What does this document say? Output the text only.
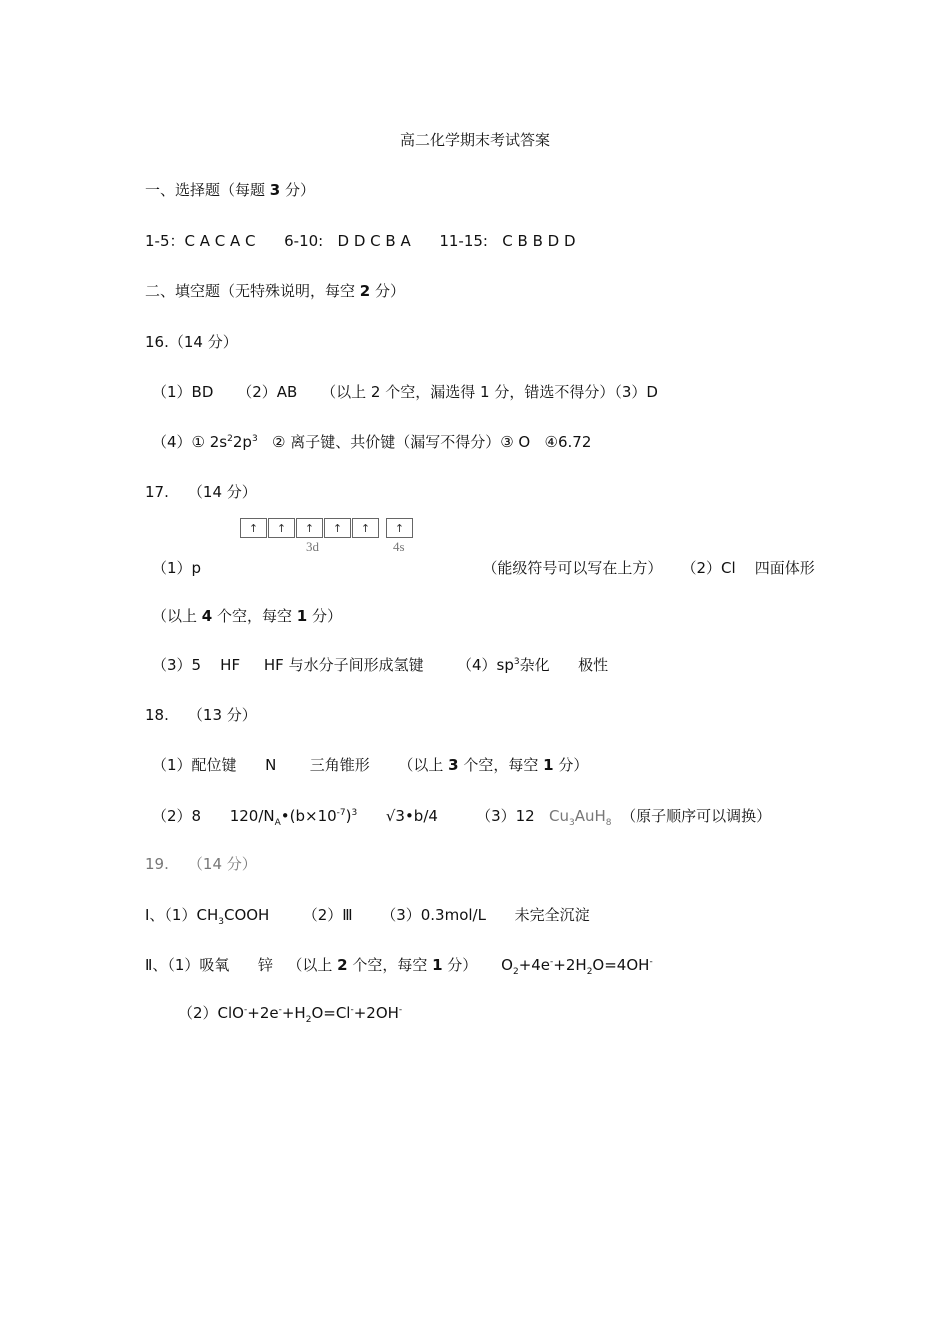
高二化学期末考试答案
一、选择题（每题 3 分）
1-5：C A C A C      6-10:   D D C B A      11-15:   C B B D D
二、填空题（无特殊说明，每空 2 分）
16.（14 分）
（1）BD     （2）AB     （以上 2 个空，漏选得 1 分，错选不得分）（3）D
（4）① $2s^22p^3$   ② 离子键、共价键（漏写不得分）③ O   ④6.72
17.    （14 分）
（1）p                                                           （能级符号可以写在上方）    （2）Cl    四面体形
（以上 4 个空，每空 1 分）
（3）5    HF     HF 与水分子间形成氢键       $(4)sp^3$杂化      极性
18.    （13 分）
（1）配位键      N       三角锥形      （以上 3 个空，每空 1 分）
（2）8      $120/N_A•(b\times 10^{-7})^3$      √3•b/4        （3）12   $Cu_3AuH_8$  （原子顺序可以调换）
19.    （14 分）
Ⅰ、$(1)CH_3COOH$       （2）Ⅲ      （3）0.3mol/L      未完全沉淀
Ⅱ、（1）吸氧      锌   （以上 2 个空，每空 1 分）     $O_2+4e^-+2H_2O=4OH^-$
$(2)ClO^-+2e^-+H_2O=Cl^-+2OH^-$
↑	↑	↑	↑	↑	↑
3d	4s
